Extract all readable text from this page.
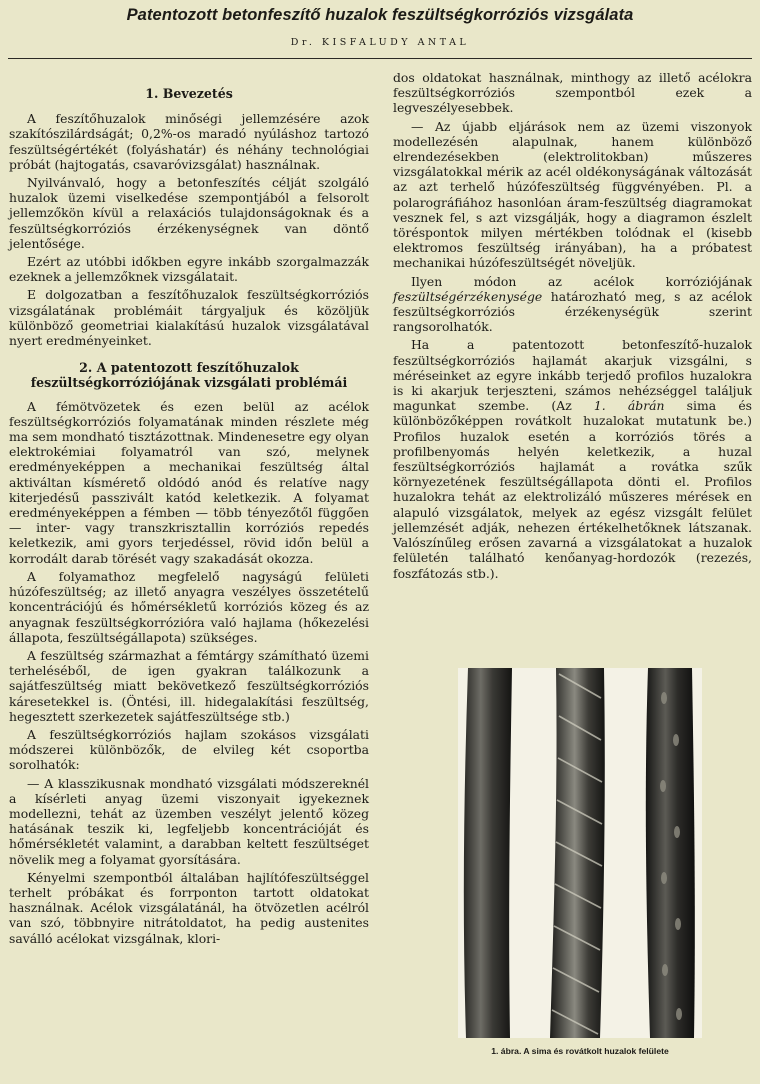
Patentozott betonfeszítő huzalok feszültségkorróziós vizsgálata
Dr. KISFALUDY ANTAL

1. Bevezetés

A feszítőhuzalok minőségi jellemzésére azok szakítószilárdságát; 0,2%-os maradó nyúláshoz tartozó feszültségértékét (folyáshatár) és néhány technológiai próbát (hajtogatás, csavaróvizsgálat) használnak.

Nyilvánvaló, hogy a betonfeszítés célját szolgáló huzalok üzemi viselkedése szempontjából a felsorolt jellemzőkön kívül a relaxációs tulajdonságoknak és a feszültségkorróziós érzékenységnek van döntő jelentősége.

Ezért az utóbbi időkben egyre inkább szorgalmazzák ezeknek a jellemzőknek vizsgálatait.

E dolgozatban a feszítőhuzalok feszültségkorróziós vizsgálatának problémáit tárgyaljuk és közöljük különböző geometriai kialakítású huzalok vizsgálatával nyert eredményeinket.

2. A patentozott feszítőhuzalok
feszültségkorróziójának vizsgálati problémái

A fémötvözetek és ezen belül az acélok feszültségkorróziós folyamatának minden részlete még ma sem mondható tisztázottnak. Mindenesetre egy olyan elektrokémiai folyamatról van szó, melynek eredményeképpen a mechanikai feszültség által aktiváltan kísmérető oldódó anód és relatíve nagy kiterjedésű passzivált katód keletkezik. A folyamat eredményeképpen a fémben — több tényezőtől függően — inter- vagy transzkrisztallin korróziós repedés keletkezik, ami gyors terjedéssel, rövid időn belül a korrodált darab törését vagy szakadását okozza.

A folyamathoz megfelelő nagyságú felületi húzófeszültség; az illető anyagra veszélyes összetételű koncentrációjú és hőmérsékletű korróziós közeg és az anyagnak feszültségkorrózióra való hajlama (hőkezelési állapota, feszültségállapota) szükséges.

A feszültség származhat a fémtárgy számítható üzemi terheléséből, de igen gyakran találkozunk a sajátfeszültség miatt bekövetkező feszültségkorróziós káresetekkel is. (Öntési, ill. hidegalakítási feszültség, hegesztett szerkezetek sajátfeszültsége stb.)

A feszültségkorróziós hajlam szokásos vizsgálati módszerei különbözők, de elvileg két csoportba sorolhatók:

— A klasszikusnak mondható vizsgálati módszereknél a kísérleti anyag üzemi viszonyait igyekeznek modellezni, tehát az üzemben veszélyt jelentő közeg hatásának teszik ki, legfeljebb koncentrációját és hőmérsékletét valamint, a darabban keltett feszültséget növelik meg a folyamat gyorsítására.

Kényelmi szempontból általában hajlítófeszültséggel terhelt próbákat és forrponton tartott oldatokat használnak. Acélok vizsgálatánál, ha ötvözetlen acélról van szó, többnyire nitrátoldatot, ha pedig austenites saválló acélokat vizsgálnak, klori-

dos oldatokat használnak, minthogy az illető acélokra feszültségkorróziós szempontból ezek a legveszélyesebbek.

— Az újabb eljárások nem az üzemi viszonyok modellezésén alapulnak, hanem különböző elrendezésekben (elektrolitokban) műszeres vizsgálatokkal mérik az acél oldékonyságának változását az azt terhelő húzófeszültség függvényében. Pl. a polarográfiához hasonlóan áram-feszültség diagramokat vesznek fel, s azt vizsgálják, hogy a diagramon észlelt töréspontok milyen mértékben tolódnak el (kisebb elektromos feszültség irányában), ha a próbatest mechanikai húzófeszültségét növeljük.

Ilyen módon az acélok korróziójának feszültségérzékenysége határozható meg, s az acélok feszültségkorróziós érzékenységük szerint rangsorolhatók.

Ha a patentozott betonfeszítő-huzalok feszültségkorróziós hajlamát akarjuk vizsgálni, s méréseinket az egyre inkább terjedő profilos huzalokra is ki akarjuk terjeszteni, számos nehézséggel találjuk magunkat szembe. (Az 1. ábrán sima és különbözőképpen rovátkolt huzalokat mutatunk be.) Profilos huzalok esetén a korróziós törés a profilbenyomás helyén keletkezik, a huzal feszültségkorróziós hajlamát a rovátka szűk környezetének feszültségállapota dönti el. Profilos huzalokra tehát az elektrolizáló műszeres mérések en alapuló vizsgálatok, melyek az egész vizsgált felület jellemzését adják, nehezen értékelhetőknek látszanak. Valószínűleg erősen zavarná a vizsgálatokat a huzalok felületén található kenőanyag-hordozók (rezezés, foszfátozás stb.).

1. ábra. A sima és rovátkolt huzalok felülete
